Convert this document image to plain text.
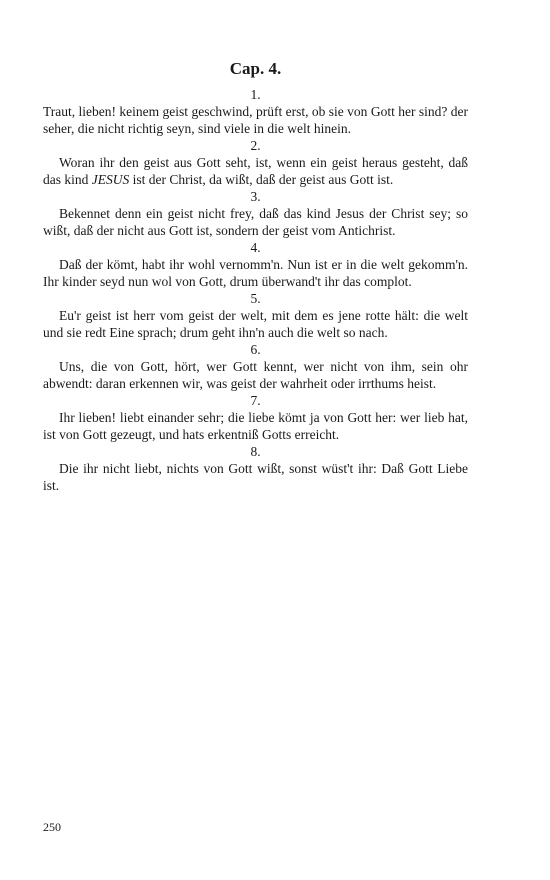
Cap. 4.
1.

Traut, lieben! keinem geist geschwind, prüft erst, ob sie von Gott her sind? der seher, die nicht richtig seyn, sind viele in die welt hinein.

2.

Woran ihr den geist aus Gott seht, ist, wenn ein geist heraus gesteht, daß das kind JESUS ist der Christ, da wißt, daß der geist aus Gott ist.

3.

Bekennet denn ein geist nicht frey, daß das kind Jesus der Christ sey; so wißt, daß der nicht aus Gott ist, sondern der geist vom Antichrist.

4.

Daß der kömt, habt ihr wohl vernomm'n. Nun ist er in die welt gekomm'n. Ihr kinder seyd nun wol von Gott, drum überwand't ihr das complot.

5.

Eu'r geist ist herr vom geist der welt, mit dem es jene rotte hält: die welt und sie redt Eine sprach; drum geht ihn'n auch die welt so nach.

6.

Uns, die von Gott, hört, wer Gott kennt, wer nicht von ihm, sein ohr abwendt: daran erkennen wir, was geist der wahrheit oder irrthums heist.

7.

Ihr lieben! liebt einander sehr; die liebe kömt ja von Gott her: wer lieb hat, ist von Gott gezeugt, und hats erkentniß Gotts erreicht.

8.

Die ihr nicht liebt, nichts von Gott wißt, sonst wüst't ihr: Daß Gott Liebe ist.

250
